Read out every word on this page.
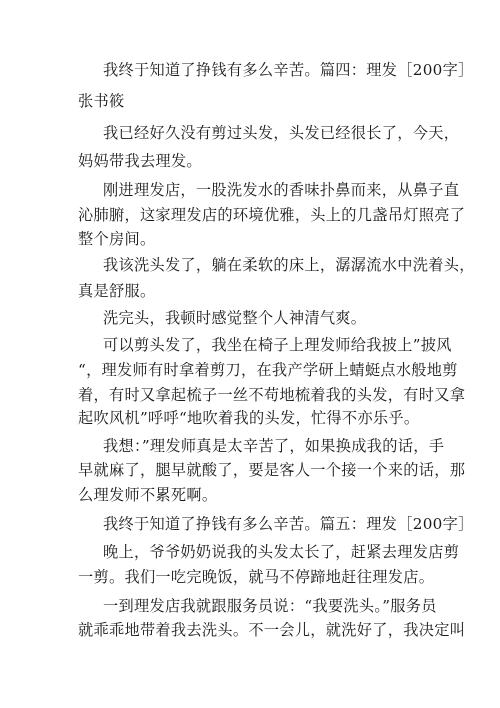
我终于知道了挣钱有多么辛苦。篇四：理发［200字］
张书筱
我已经好久没有剪过头发，头发已经很长了，今天，
妈妈带我去理发。
刚进理发店，一股洗发水的香味扑鼻而来，从鼻子直
沁肺腑，这家理发店的环境优雅，头上的几盏吊灯照亮了
整个房间。
我该洗头发了，躺在柔软的床上，潺潺流水中洗着头，
真是舒服。
洗完头，我顿时感觉整个人神清气爽。
可以剪头发了，我坐在椅子上理发师给我披上”披风
“，理发师有时拿着剪刀，在我产学研上蜻蜓点水般地剪
着，有时又拿起梳子一丝不苟地梳着我的头发，有时又拿
起吹风机”呼呼“地吹着我的头发，忙得不亦乐乎。
我想：”理发师真是太辛苦了，如果换成我的话，手
早就麻了，腿早就酸了，要是客人一个接一个来的话，那
么理发师不累死啊。
我终于知道了挣钱有多么辛苦。篇五：理发［200字］
晚上，爷爷奶奶说我的头发太长了，赶紧去理发店剪
一剪。我们一吃完晚饭，就马不停蹄地赶往理发店。
一到理发店我就跟服务员说：“我要洗头。”服务员
就乖乖地带着我去洗头。不一会儿，就洗好了，我决定叫
